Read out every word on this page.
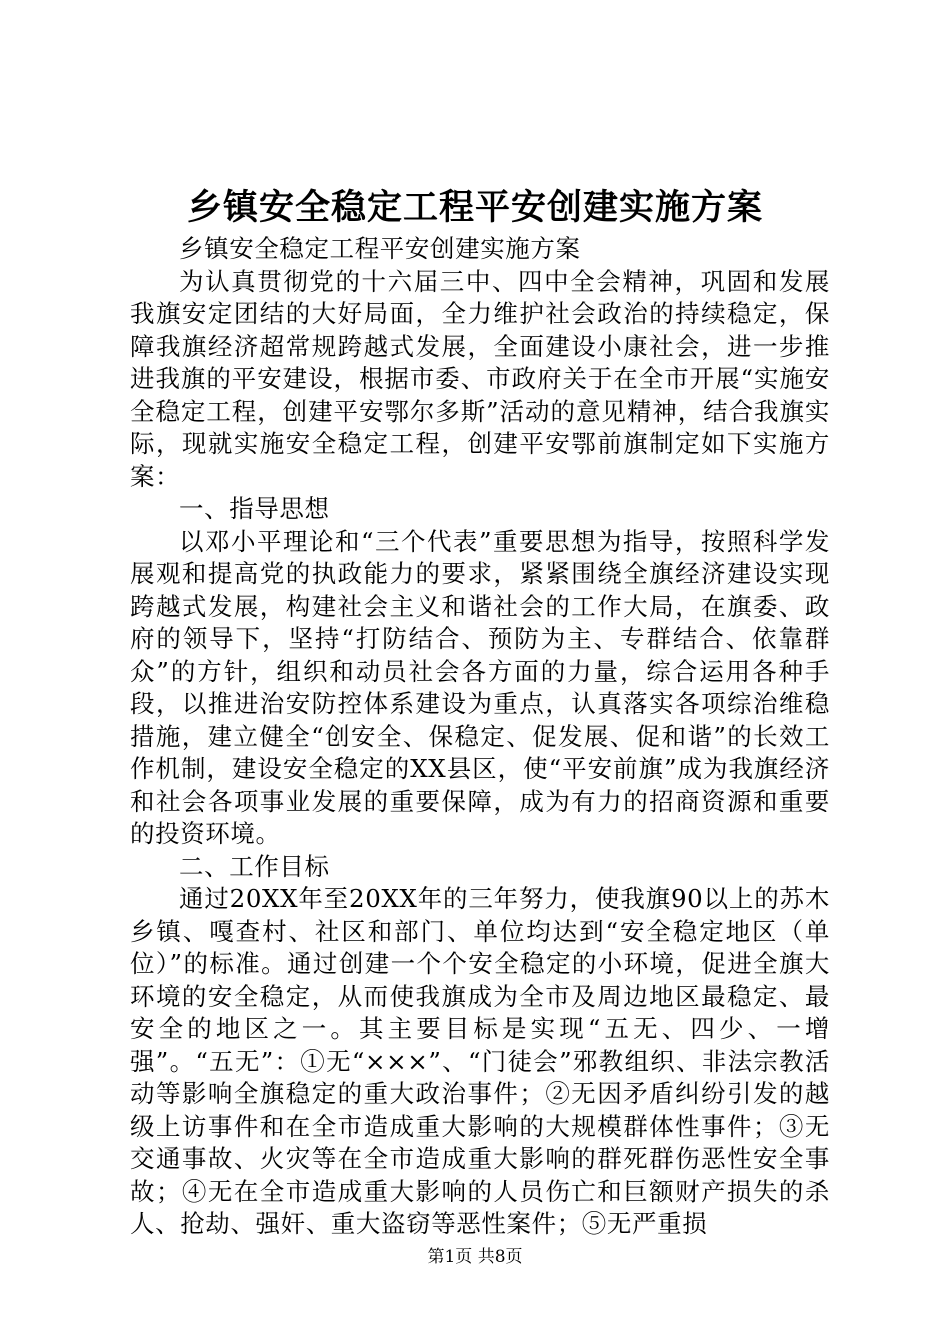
乡镇安全稳定工程平安创建实施方案

乡镇安全稳定工程平安创建实施方案

为认真贯彻党的十六届三中、四中全会精神，巩固和发展我旗安定团结的大好局面，全力维护社会政治的持续稳定，保障我旗经济超常规跨越式发展，全面建设小康社会，进一步推进我旗的平安建设，根据市委、市政府关于在全市开展“实施安全稳定工程，创建平安鄂尔多斯”活动的意见精神，结合我旗实际，现就实施安全稳定工程，创建平安鄂前旗制定如下实施方案：

一、指导思想

以邓小平理论和“三个代表”重要思想为指导，按照科学发展观和提高党的执政能力的要求，紧紧围绕全旗经济建设实现跨越式发展，构建社会主义和谐社会的工作大局，在旗委、政府的领导下，坚持“打防结合、预防为主、专群结合、依靠群众”的方针，组织和动员社会各方面的力量，综合运用各种手段，以推进治安防控体系建设为重点，认真落实各项综治维稳措施，建立健全“创安全、保稳定、促发展、促和谐”的长效工作机制，建设安全稳定的XX县区，使“平安前旗”成为我旗经济和社会各项事业发展的重要保障，成为有力的招商资源和重要的投资环境。

二、工作目标

通过20XX年至20XX年的三年努力，使我旗90以上的苏木乡镇、嘎查村、社区和部门、单位均达到“安全稳定地区（单位）”的标准。通过创建一个个安全稳定的小环境，促进全旗大环境的安全稳定，从而使我旗成为全市及周边地区最稳定、最安全的地区之一。其主要目标是实现“五无、四少、一增强”。“五无”：①无“×××”、“门徒会”邪教组织、非法宗教活动等影响全旗稳定的重大政治事件；②无因矛盾纠纷引发的越级上访事件和在全市造成重大影响的大规模群体性事件；③无交通事故、火灾等在全市造成重大影响的群死群伤恶性安全事故；④无在全市造成重大影响的人员伤亡和巨额财产损失的杀人、抢劫、强奸、重大盗窃等恶性案件；⑤无严重损

第1页 共8页
